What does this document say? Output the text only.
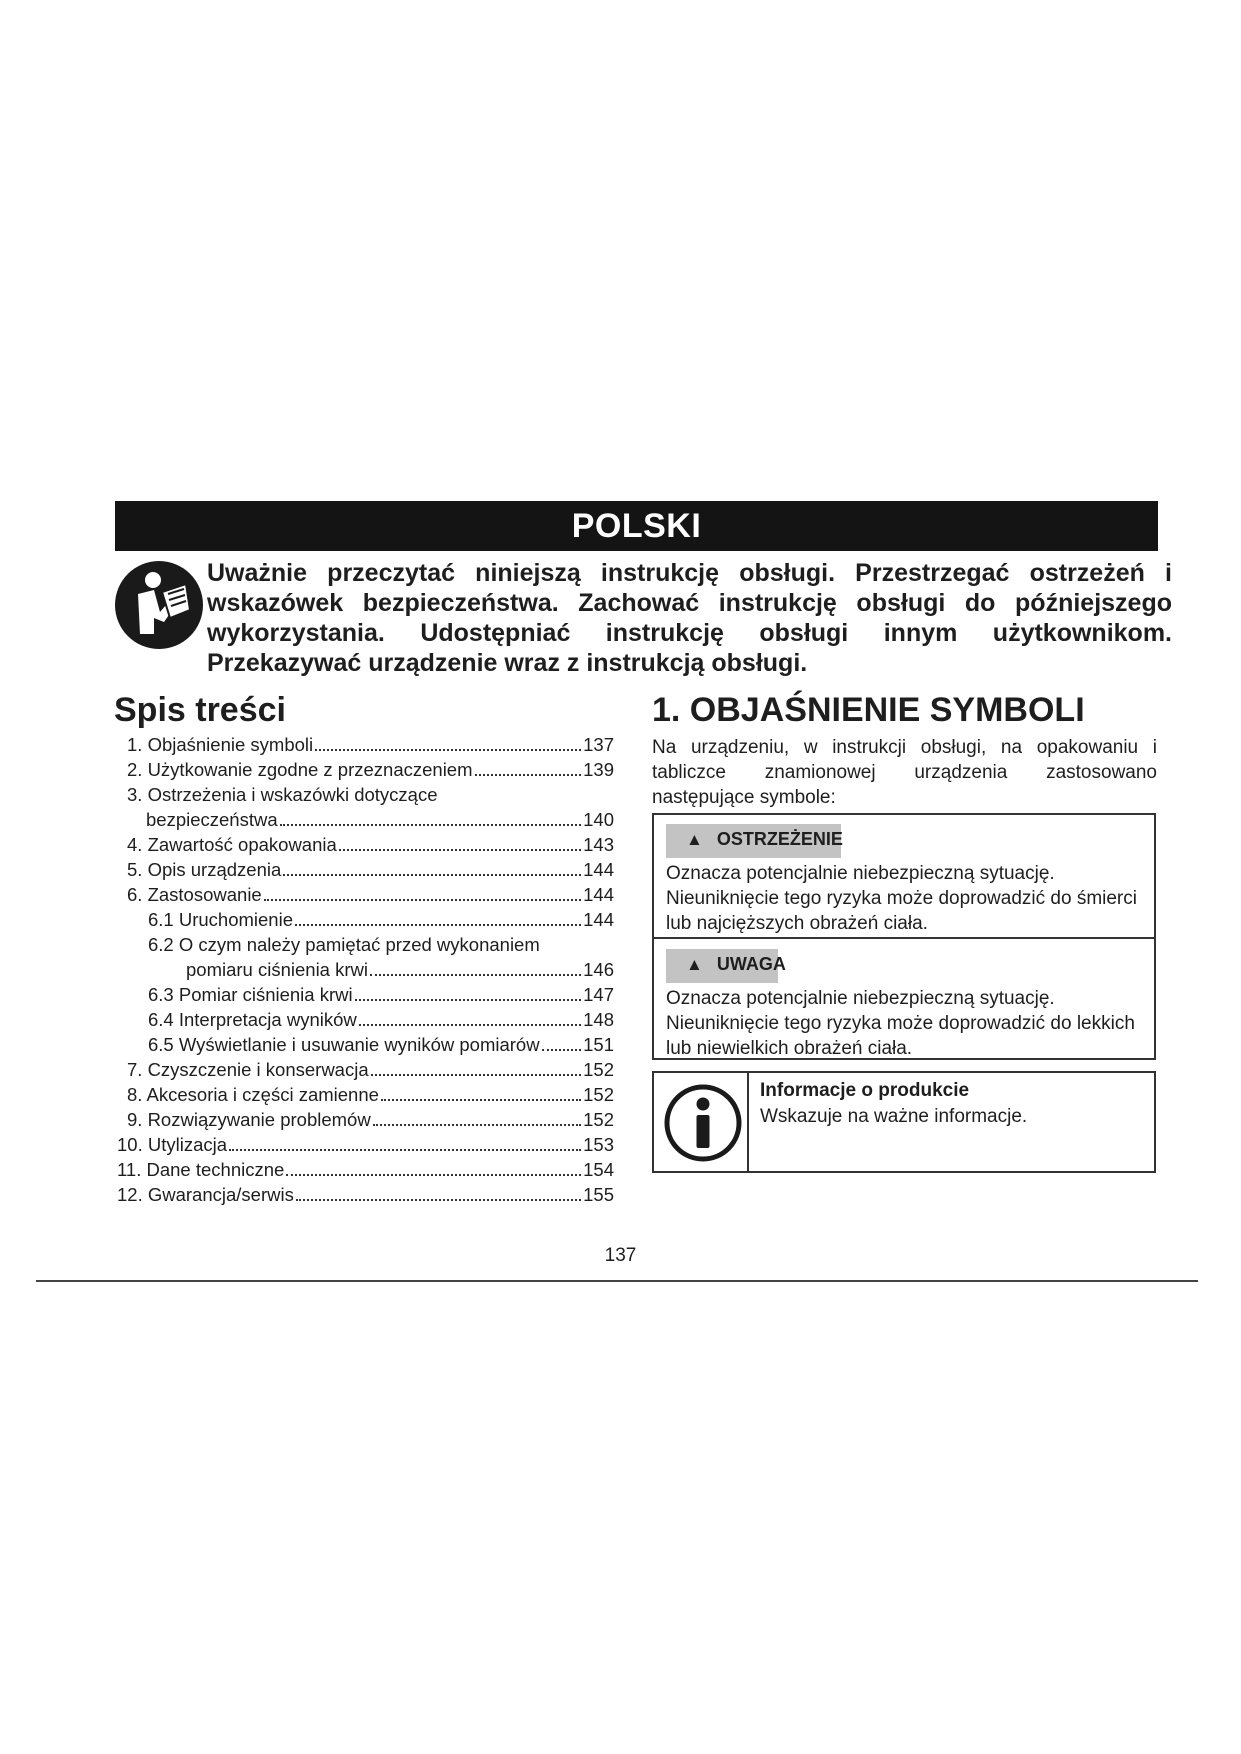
POLSKI
Uważnie przeczytać niniejszą instrukcję obsługi. Przestrzegać ostrzeżeń i wskazówek bezpieczeństwa. Zachować instrukcję obsługi do późniejszego wykorzystania. Udostępniać instrukcję obsługi innym użytkownikom. Przekazywać urządzenie wraz z instrukcją obsługi.
Spis treści
1. Objaśnienie symboli	137
2. Użytkowanie zgodne z przeznaczeniem	139
3. Ostrzeżenia i wskazówki dotyczące
bezpieczeństwa	140
4. Zawartość opakowania	143
5. Opis urządzenia	144
6. Zastosowanie	144
6.1 Uruchomienie	144
6.2 O czym należy pamiętać przed wykonaniem
pomiaru ciśnienia krwi	146
6.3 Pomiar ciśnienia krwi	147
6.4 Interpretacja wyników	148
6.5 Wyświetlanie i usuwanie wyników pomiarów 151
7. Czyszczenie i konserwacja	152
8. Akcesoria i części zamienne	152
9. Rozwiązywanie problemów	152
10. Utylizacja	153
11. Dane techniczne	154
12. Gwarancja/serwis	155
1. OBJAŚNIENIE SYMBOLI
Na urządzeniu, w instrukcji obsługi, na opakowaniu i tabliczce znamionowej urządzenia zastosowano następujące symbole:
▲ OSTRZEŻENIE
Oznacza potencjalnie niebezpieczną sytuację. Nieuniknięcie tego ryzyka może doprowadzić do śmierci lub najcięższych obrażeń ciała.
▲ UWAGA
Oznacza potencjalnie niebezpieczną sytuację. Nieuniknięcie tego ryzyka może doprowadzić do lekkich lub niewielkich obrażeń ciała.
Informacje o produkcie
Wskazuje na ważne informacje.
137
